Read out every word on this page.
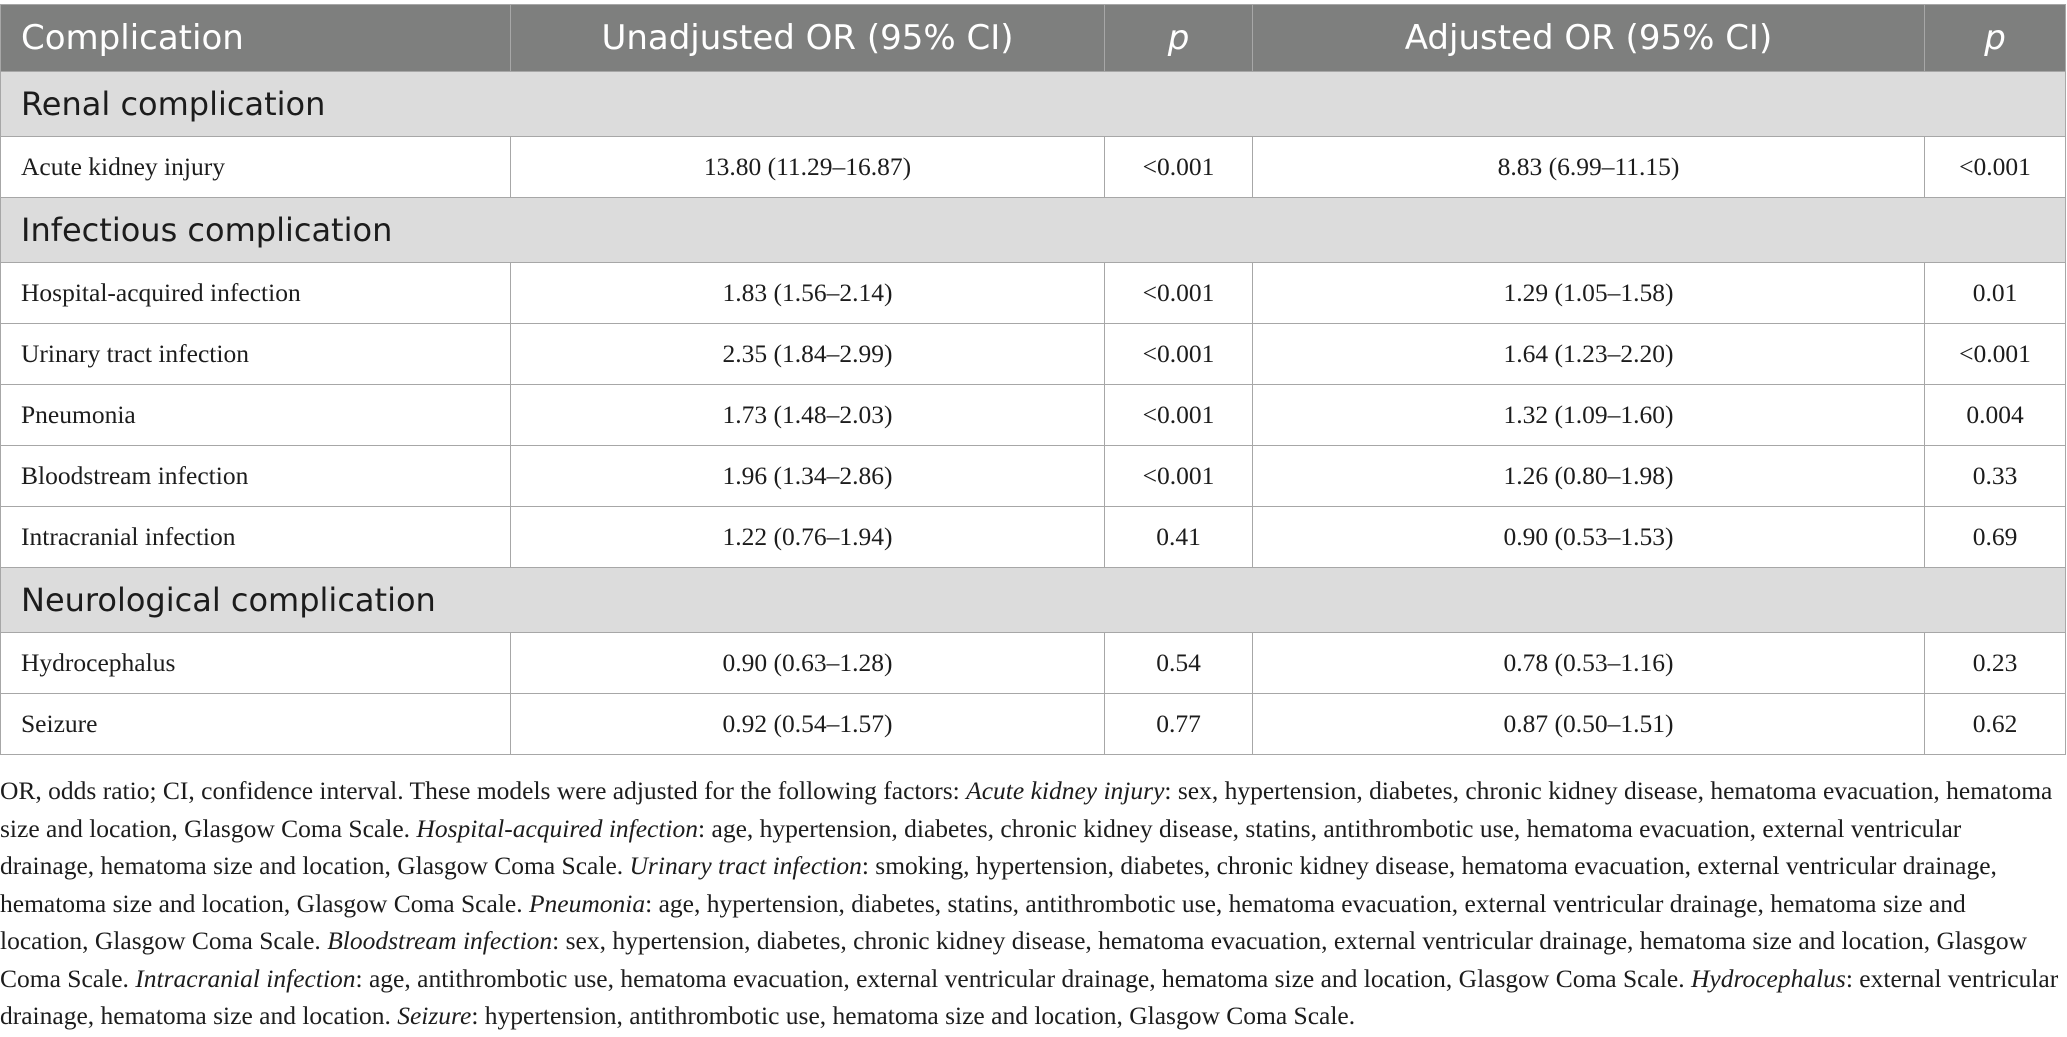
Complication	Unadjusted OR (95% CI)	p	Adjusted OR (95% CI)	p
Renal complication				
Acute kidney injury	13.80 (11.29–16.87)	<0.001	8.83 (6.99–11.15)	<0.001
Infectious complication				
Hospital-acquired infection	1.83 (1.56–2.14)	<0.001	1.29 (1.05–1.58)	0.01
Urinary tract infection	2.35 (1.84–2.99)	<0.001	1.64 (1.23–2.20)	<0.001
Pneumonia	1.73 (1.48–2.03)	<0.001	1.32 (1.09–1.60)	0.004
Bloodstream infection	1.96 (1.34–2.86)	<0.001	1.26 (0.80–1.98)	0.33
Intracranial infection	1.22 (0.76–1.94)	0.41	0.90 (0.53–1.53)	0.69
Neurological complication				
Hydrocephalus	0.90 (0.63–1.28)	0.54	0.78 (0.53–1.16)	0.23
Seizure	0.92 (0.54–1.57)	0.77	0.87 (0.50–1.51)	0.62
OR, odds ratio; CI, confidence interval. These models were adjusted for the following factors: Acute kidney injury: sex, hypertension, diabetes, chronic kidney disease, hematoma evacuation, hematoma size and location, Glasgow Coma Scale. Hospital-acquired infection: age, hypertension, diabetes, chronic kidney disease, statins, antithrombotic use, hematoma evacuation, external ventricular drainage, hematoma size and location, Glasgow Coma Scale. Urinary tract infection: smoking, hypertension, diabetes, chronic kidney disease, hematoma evacuation, external ventricular drainage, hematoma size and location, Glasgow Coma Scale. Pneumonia: age, hypertension, diabetes, statins, antithrombotic use, hematoma evacuation, external ventricular drainage, hematoma size and location, Glasgow Coma Scale. Bloodstream infection: sex, hypertension, diabetes, chronic kidney disease, hematoma evacuation, external ventricular drainage, hematoma size and location, Glasgow Coma Scale. Intracranial infection: age, antithrombotic use, hematoma evacuation, external ventricular drainage, hematoma size and location, Glasgow Coma Scale. Hydrocephalus: external ventricular drainage, hematoma size and location. Seizure: hypertension, antithrombotic use, hematoma size and location, Glasgow Coma Scale.
